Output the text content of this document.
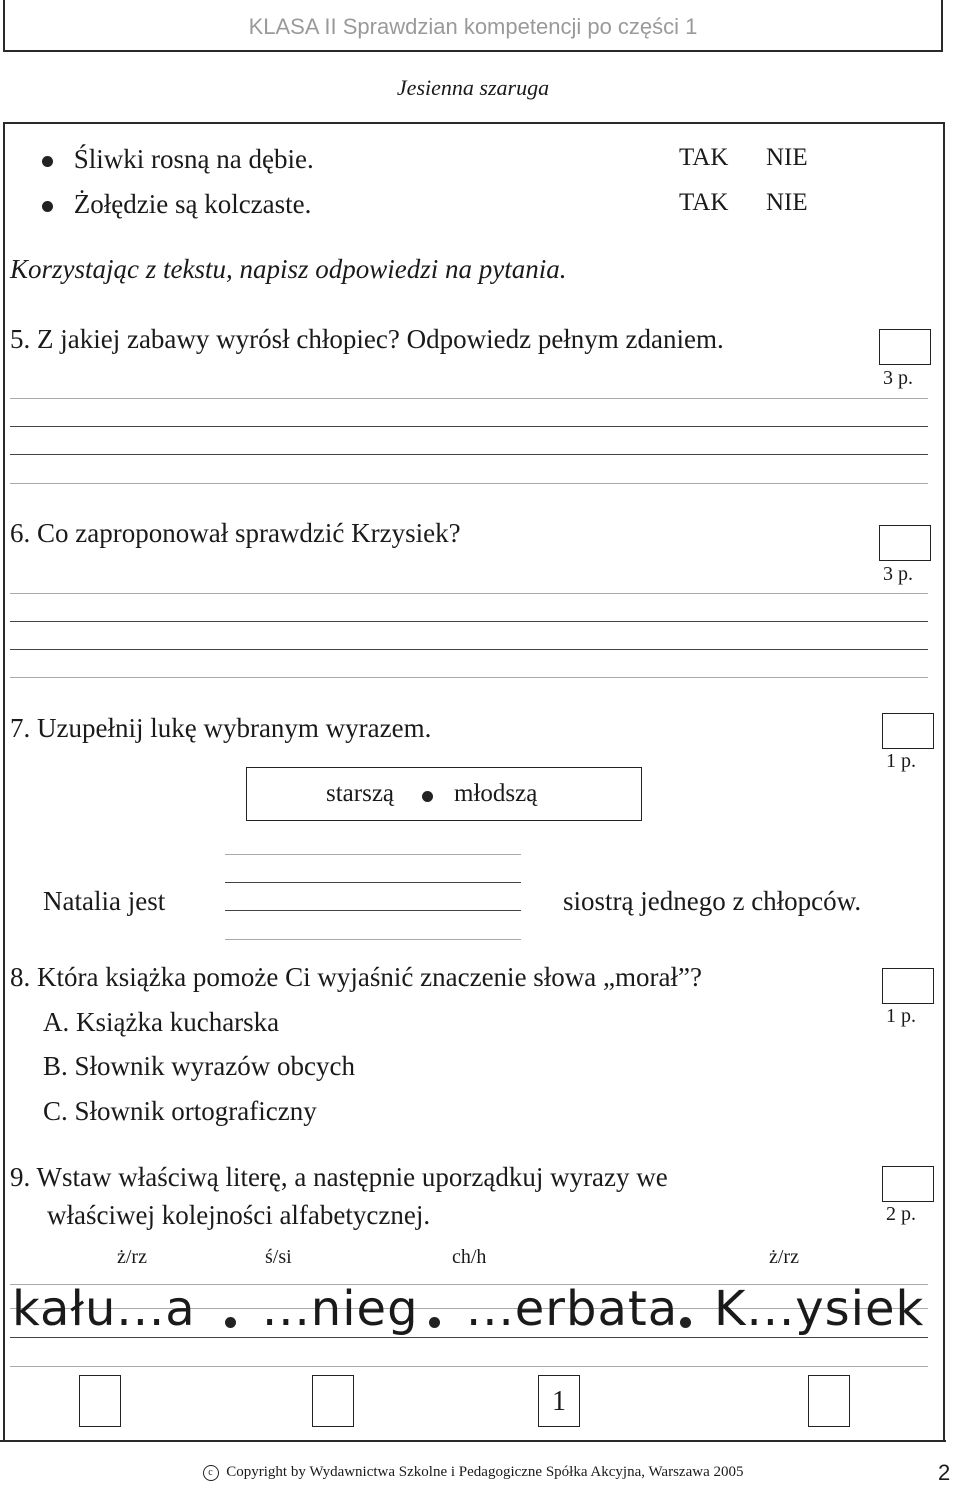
KLASA II Sprawdzian kompetencji po części 1
Jesienna szaruga
Śliwki rosną na dębie.	TAK NIE
Żołędzie są kolczaste.	TAK NIE
Korzystając z tekstu, napisz odpowiedzi na pytania.
5. Z jakiej zabawy wyrósł chłopiec? Odpowiedz pełnym zdaniem.
3 p.
6. Co zaproponował sprawdzić Krzysiek?
3 p.
7. Uzupełnij lukę wybranym wyrazem.
1 p.
starszą młodszą
Natalia jest	siostrą jednego z chłopców.
8. Która książka pomoże Ci wyjaśnić znaczenie słowa „morał”?
1 p.
A. Książka kucharska
B. Słownik wyrazów obcych
C. Słownik ortograficzny
9. Wstaw właściwą literę, a następnie uporządkuj wyrazy we
właściwej kolejności alfabetycznej.	2 p.
ż/rz	ś/si	ch/h	ż/rz
kału...a ...nieg ...erbata K...ysiek
1
c Copyright by Wydawnictwa Szkolne i Pedagogiczne Spółka Akcyjna, Warszawa 2005	2
